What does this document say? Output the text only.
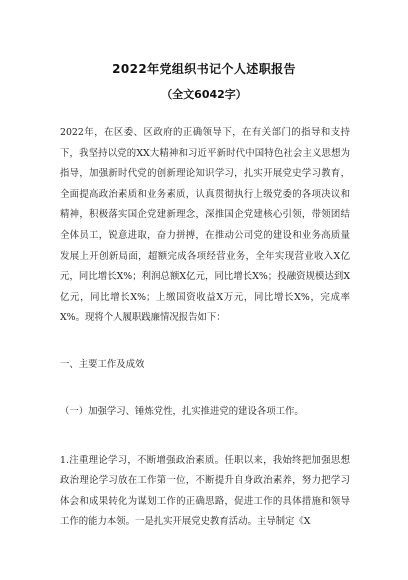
2022年党组织书记个人述职报告
（全文6042字）

2022年，在区委、区政府的正确领导下，在有关部门的指导和支持下，我坚持以党的XX大精神和习近平新时代中国特色社会主义思想为指导，加强新时代党的创新理论知识学习，扎实开展党史学习教育，全面提高政治素质和业务素质，认真贯彻执行上级党委的各项决议和精神，积极落实国企党建新理念，深推国企党建核心引领，带领团结全体员工，锐意进取，奋力拼搏，在推动公司党的建设和业务高质量发展上开创新局面，超额完成各项经营业务，全年实现营业收入X亿元，同比增长X%；利润总额X亿元，同比增长X%；投融资规模达到X亿元，同比增长X%；上缴国资收益X万元，同比增长X%，完成率X%。现将个人履职践廉情况报告如下：

一、主要工作及成效
（一）加强学习、锤炼党性，扎实推进党的建设各项工作。

1.注重理论学习，不断增强政治素质。任职以来，我始终把加强思想政治理论学习放在工作第一位，不断提升自身政治素养，努力把学习体会和成果转化为谋划工作的正确思路，促进工作的具体措施和领导工作的能力本领。一是扎实开展党史教育活动。主导制定《X
